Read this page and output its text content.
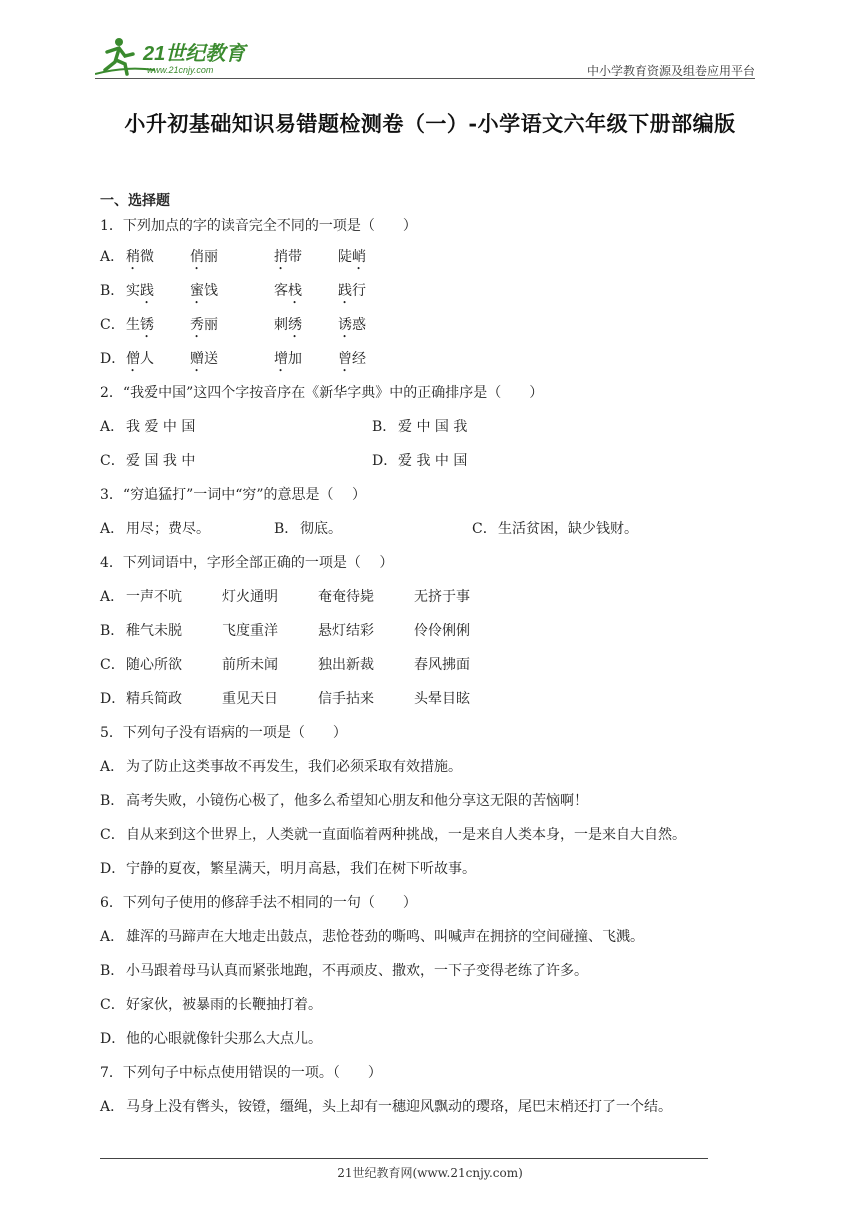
21世纪教育
www.21cnjy.com	中小学教育资源及组卷应用平台
小升初基础知识易错题检测卷（一）-小学语文六年级下册部编版
一、选择题
1．下列加点的字的读音完全不同的一项是（　　）
A． 稍微	俏丽	捎带	陡峭
B． 实践	蜜饯	客栈	践行
C．生锈	秀丽	刺绣	诱惑
D．僧人	赠送	增加	曾经
2．“我爱中国”这四个字按音序在《新华字典》中的正确排序是（　　）
A． 我 爱 中 国	B． 爱 中 国 我
C．爱 国 我 中	D．爱 我 中 国
3．“穷追猛打”一词中“穷”的意思是（　 ）
A． 用尽；费尽。	B． 彻底。	C．生活贫困，缺少钱财。
4．下列词语中，字形全部正确的一项是（　 ）
A． 一声不吭	灯火通明	奄奄待毙	无挤于事
B． 稚气未脱	飞度重洋	悬灯结彩	伶伶俐俐
C．随心所欲	前所未闻	独出新裁	春风拂面
D．精兵简政	重见天日	信手拈来	头晕目眩
5．下列句子没有语病的一项是（　　）
A． 为了防止这类事故不再发生，我们必须采取有效措施。
B． 高考失败，小镜伤心极了，他多么希望知心朋友和他分享这无限的苦恼啊！
C．自从来到这个世界上，人类就一直面临着两种挑战，一是来自人类本身，一是来自大自然。
D．宁静的夏夜，繁星满天，明月高悬，我们在树下听故事。
6．下列句子使用的修辞手法不相同的一句（　　）
A． 雄浑的马蹄声在大地走出鼓点，悲怆苍劲的嘶鸣、叫喊声在拥挤的空间碰撞、飞溅。
B． 小马跟着母马认真而紧张地跑，不再顽皮、撒欢，一下子变得老练了许多。
C．好家伙，被暴雨的长鞭抽打着。
D．他的心眼就像针尖那么大点儿。
7．下列句子中标点使用错误的一项。（　　）
A． 马身上没有辔头，铵镫，缰绳，头上却有一穗迎风飘动的璎珞，尾巴末梢还打了一个结。
21世纪教育网(www.21cnjy.com)
